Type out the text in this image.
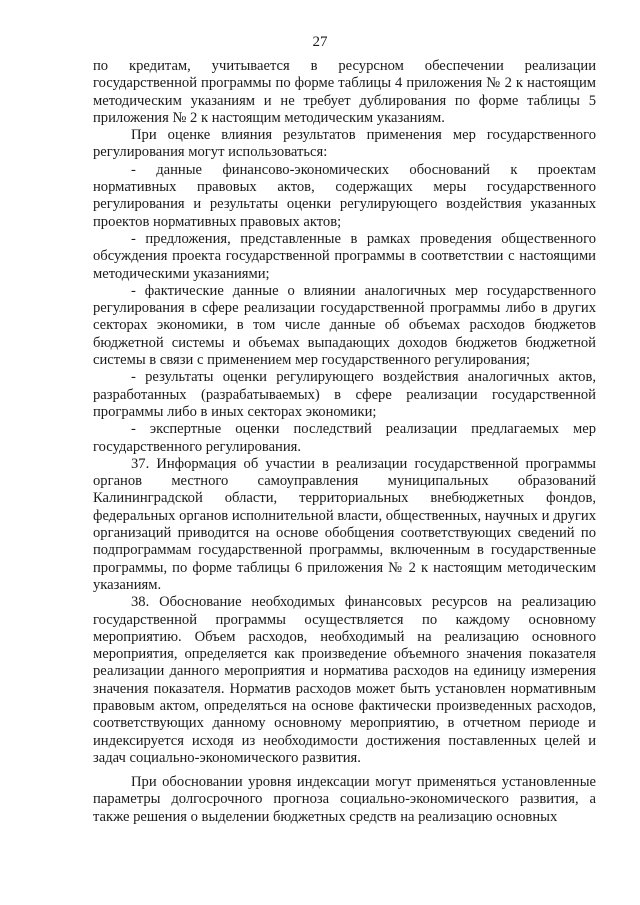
27

по кредитам, учитывается в ресурсном обеспечении реализации государственной программы по форме таблицы 4 приложения № 2 к настоящим методическим указаниям и не требует дублирования по форме таблицы 5 приложения № 2 к настоящим методическим указаниям.

При оценке влияния результатов применения мер государственного регулирования могут использоваться:

- данные финансово-экономических обоснований к проектам нормативных правовых актов, содержащих меры государственного регулирования и результаты оценки регулирующего воздействия указанных проектов нормативных правовых актов;

- предложения, представленные в рамках проведения общественного обсуждения проекта государственной программы в соответствии с настоящими методическими указаниями;

- фактические данные о влиянии аналогичных мер государственного регулирования в сфере реализации государственной программы либо в других секторах экономики, в том числе данные об объемах расходов бюджетов бюджетной системы и объемах выпадающих доходов бюджетов бюджетной системы в связи с применением мер государственного регулирования;

- результаты оценки регулирующего воздействия аналогичных актов, разработанных (разрабатываемых) в сфере реализации государственной программы либо в иных секторах экономики;

- экспертные оценки последствий реализации предлагаемых мер государственного регулирования.

37. Информация об участии в реализации государственной программы органов местного самоуправления муниципальных образований Калининградской области, территориальных внебюджетных фондов, федеральных органов исполнительной власти, общественных, научных и других организаций приводится на основе обобщения соответствующих сведений по подпрограммам государственной программы, включенным в государственные программы, по форме таблицы 6 приложения № 2 к настоящим методическим указаниям.

38. Обоснование необходимых финансовых ресурсов на реализацию государственной программы осуществляется по каждому основному мероприятию. Объем расходов, необходимый на реализацию основного мероприятия, определяется как произведение объемного значения показателя реализации данного мероприятия и норматива расходов на единицу измерения значения показателя. Норматив расходов может быть установлен нормативным правовым актом, определяться на основе фактически произведенных расходов, соответствующих данному основному мероприятию, в отчетном периоде и индексируется исходя из необходимости достижения поставленных целей и задач социально-экономического развития.

При обосновании уровня индексации могут применяться установленные параметры долгосрочного прогноза социально-экономического развития, а также решения о выделении бюджетных средств на реализацию основных
